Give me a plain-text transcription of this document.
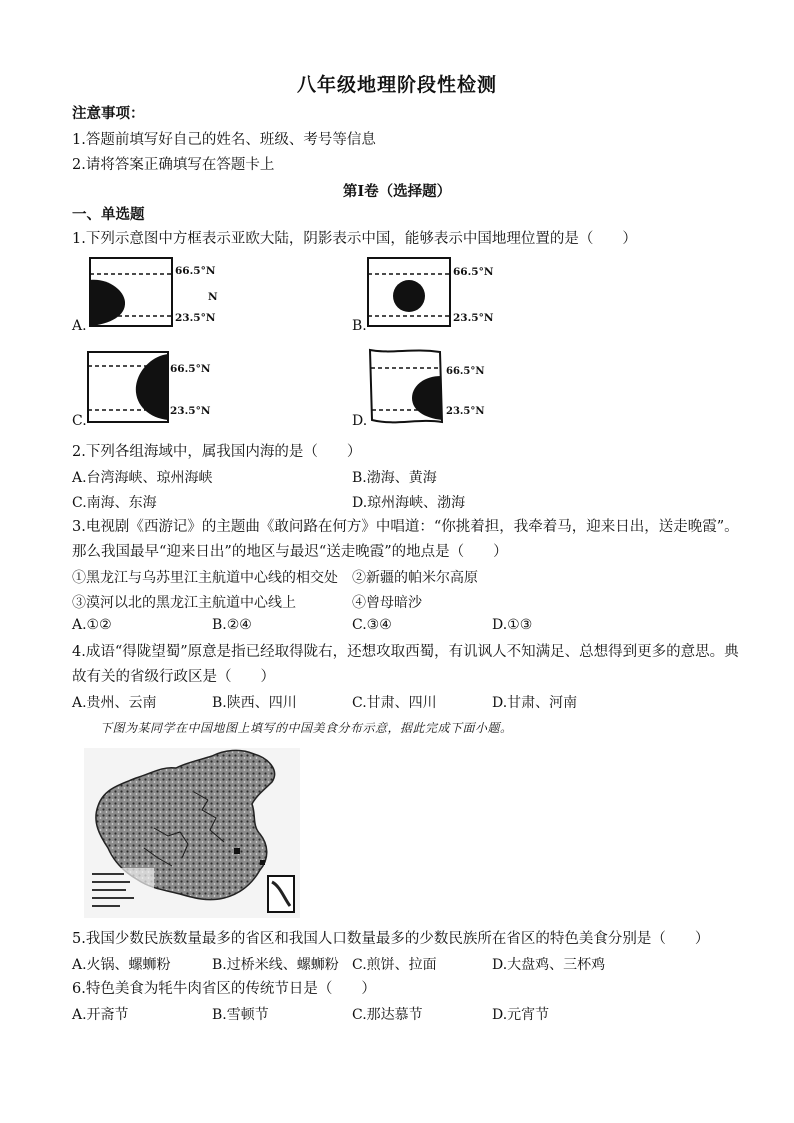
八年级地理阶段性检测
注意事项：
1.答题前填写好自己的姓名、班级、考号等信息
2.请将答案正确填写在答题卡上
第Ⅰ卷（选择题）
一、单选题
1.下列示意图中方框表示亚欧大陆，阴影表示中国，能够表示中国地理位置的是（　　）
A.
66.5°N
23.5°N
N
B.
66.5°N
23.5°N
C.
66.5°N
23.5°N
D.
66.5°N
23.5°N
2.下列各组海域中，属我国内海的是（　　）
A.台湾海峡、琼州海峡	B.渤海、黄海
C.南海、东海	D.琼州海峡、渤海
3.电视剧《西游记》的主题曲《敢问路在何方》中唱道：“你挑着担，我牵着马，迎来日出，送走晚霞”。
那么我国最早“迎来日出”的地区与最迟“送走晚霞”的地点是（　　）
①黑龙江与乌苏里江主航道中心线的相交处 ②新疆的帕米尔高原
③漠河以北的黑龙江主航道中心线上	④曾母暗沙
A.①②	B.②④	C.③④	D.①③
4.成语“得陇望蜀”原意是指已经取得陇右，还想攻取西蜀，有讥讽人不知满足、总想得到更多的意思。典
故有关的省级行政区是（　　）
A.贵州、云南	B.陕西、四川	C.甘肃、四川	D.甘肃、河南
下图为某同学在中国地图上填写的中国美食分布示意，据此完成下面小题。
5.我国少数民族数量最多的省区和我国人口数量最多的少数民族所在省区的特色美食分别是（　　）
A.火锅、螺蛳粉	B.过桥米线、螺蛳粉 C.煎饼、拉面	D.大盘鸡、三杯鸡
6.特色美食为牦牛肉省区的传统节日是（　　）
A.开斋节	B.雪顿节	C.那达慕节	D.元宵节
